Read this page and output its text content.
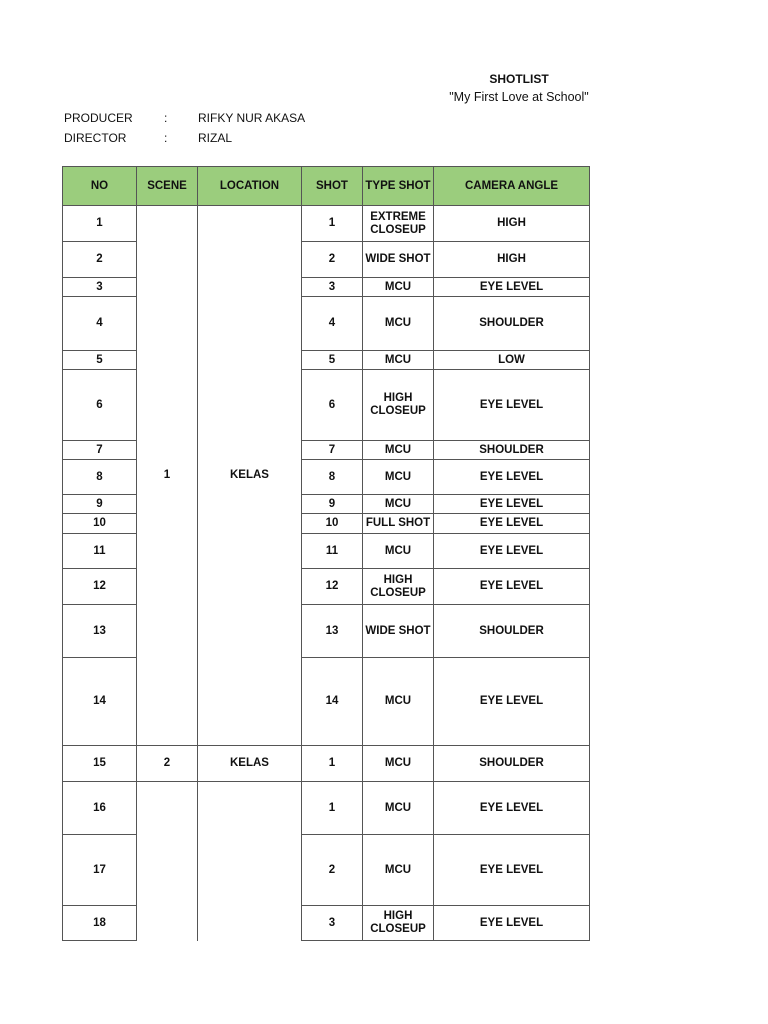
SHOTLIST
"My First Love at School"
PRODUCER	:	RIFKY NUR AKASA
DIRECTOR	:	RIZAL
NO	SCENE	LOCATION	SHOT	TYPE SHOT	CAMERA ANGLE
1	1	KELAS	1	EXTREME CLOSEUP	HIGH
2			2	WIDE SHOT	HIGH
3			3	MCU	EYE LEVEL
4			4	MCU	SHOULDER
5			5	MCU	LOW
6			6	HIGH CLOSEUP	EYE LEVEL
7			7	MCU	SHOULDER
8			8	MCU	EYE LEVEL
9			9	MCU	EYE LEVEL
10			10	FULL SHOT	EYE LEVEL
11			11	MCU	EYE LEVEL
12			12	HIGH CLOSEUP	EYE LEVEL
13			13	WIDE SHOT	SHOULDER
14			14	MCU	EYE LEVEL
15	2	KELAS	1	MCU	SHOULDER
16			1	MCU	EYE LEVEL
17			2	MCU	EYE LEVEL
18			3	HIGH CLOSEUP	EYE LEVEL
